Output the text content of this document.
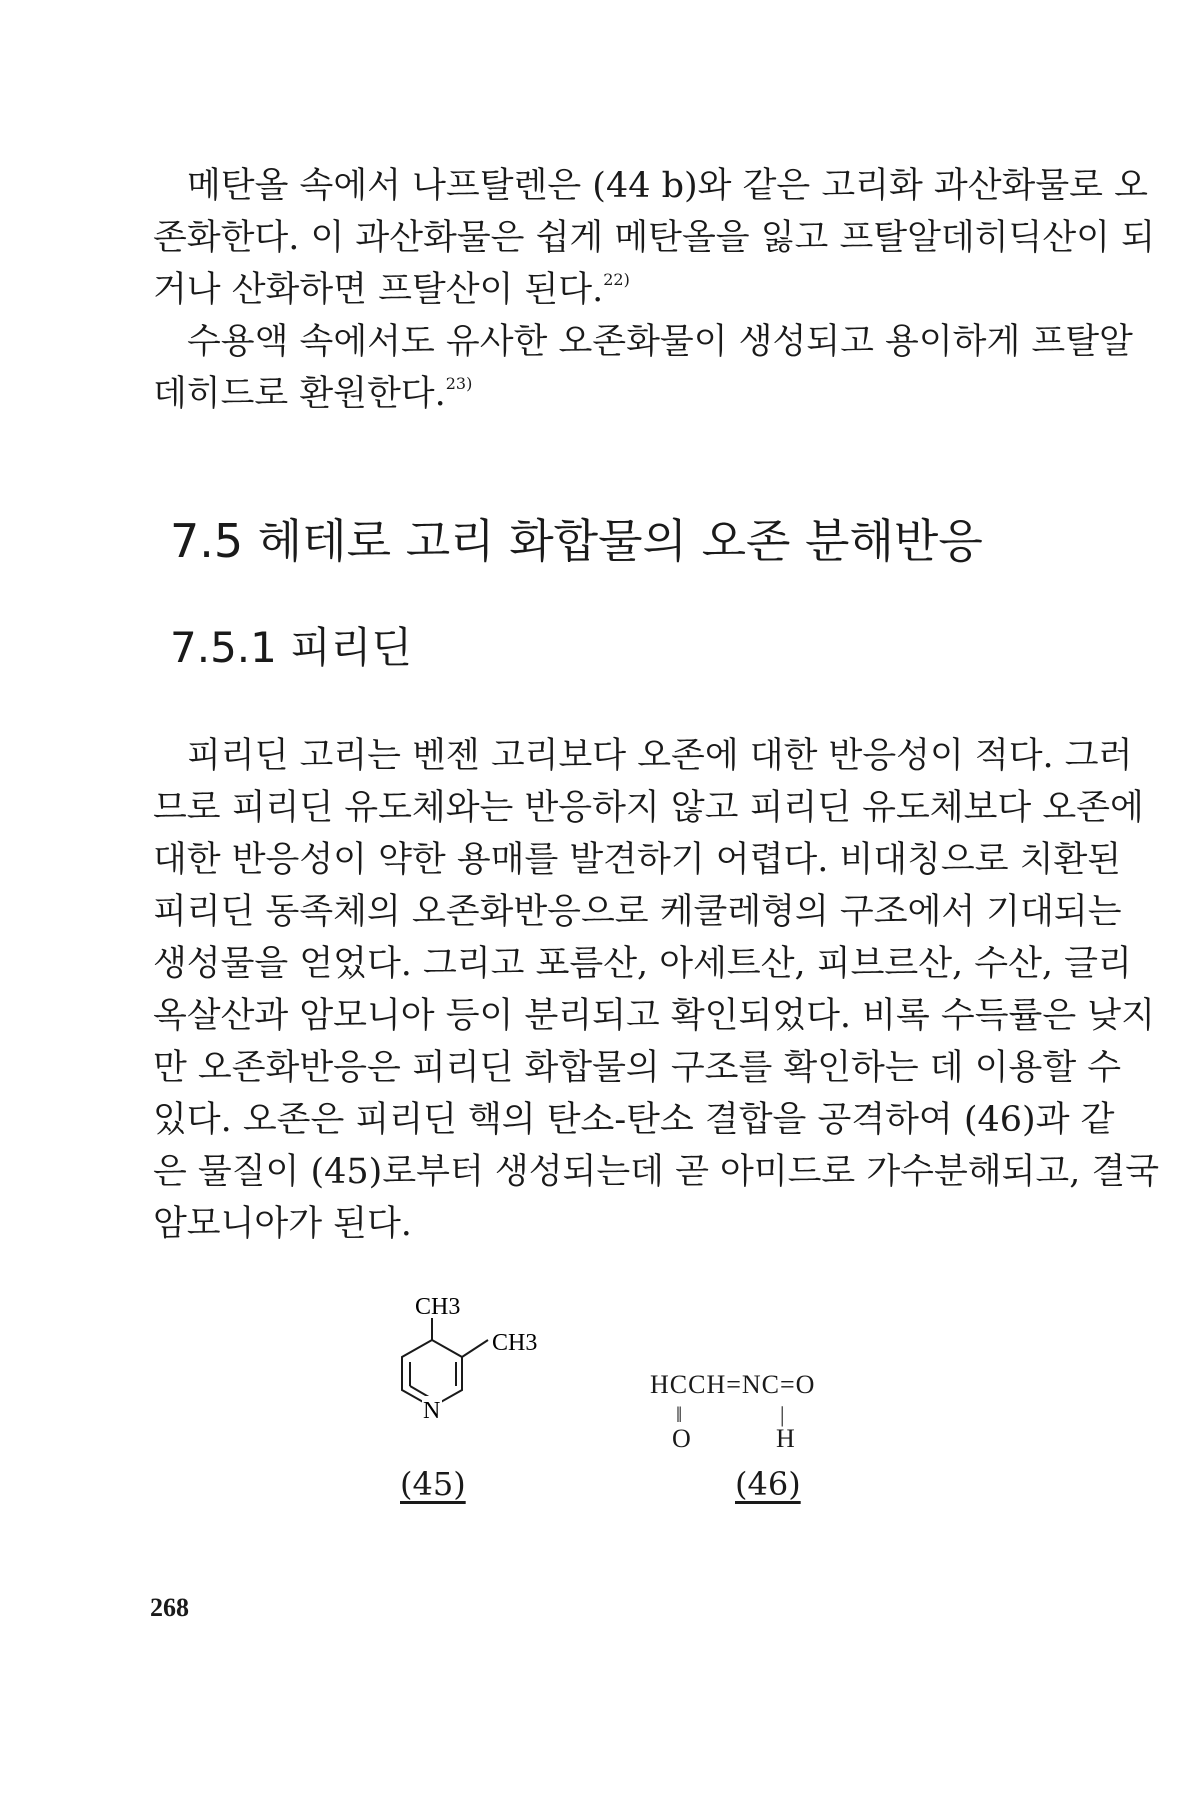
메탄올 속에서 나프탈렌은 (44 b)와 같은 고리화 과산화물로 오
존화한다. 이 과산화물은 쉽게 메탄올을 잃고 프탈알데히딕산이 되
거나 산화하면 프탈산이 된다.$^{22)}$

수용액 속에서도 유사한 오존화물이 생성되고 용이하게 프탈알
데히드로 환원한다.$^{23)}$

7.5 헤테로 고리 화합물의 오존 분해반응
7.5.1 피리딘

피리딘 고리는 벤젠 고리보다 오존에 대한 반응성이 적다. 그러
므로 피리딘 유도체와는 반응하지 않고 피리딘 유도체보다 오존에
대한 반응성이 약한 용매를 발견하기 어렵다. 비대칭으로 치환된
피리딘 동족체의 오존화반응으로 케쿨레형의 구조에서 기대되는
생성물을 얻었다. 그리고 포름산, 아세트산, 피브르산, 수산, 글리
옥살산과 암모니아 등이 분리되고 확인되었다. 비록 수득률은 낮지
만 오존화반응은 피리딘 화합물의 구조를 확인하는 데 이용할 수
있다. 오존은 피리딘 핵의 탄소-탄소 결합을 공격하여 (46)과 같
은 물질이 (45)로부터 생성되는데 곧 아미드로 가수분해되고, 결국
암모니아가 된다.

CH3
CH3
N
(45)
HCCH=NC=O
‖	|
O	H
(46)
268
